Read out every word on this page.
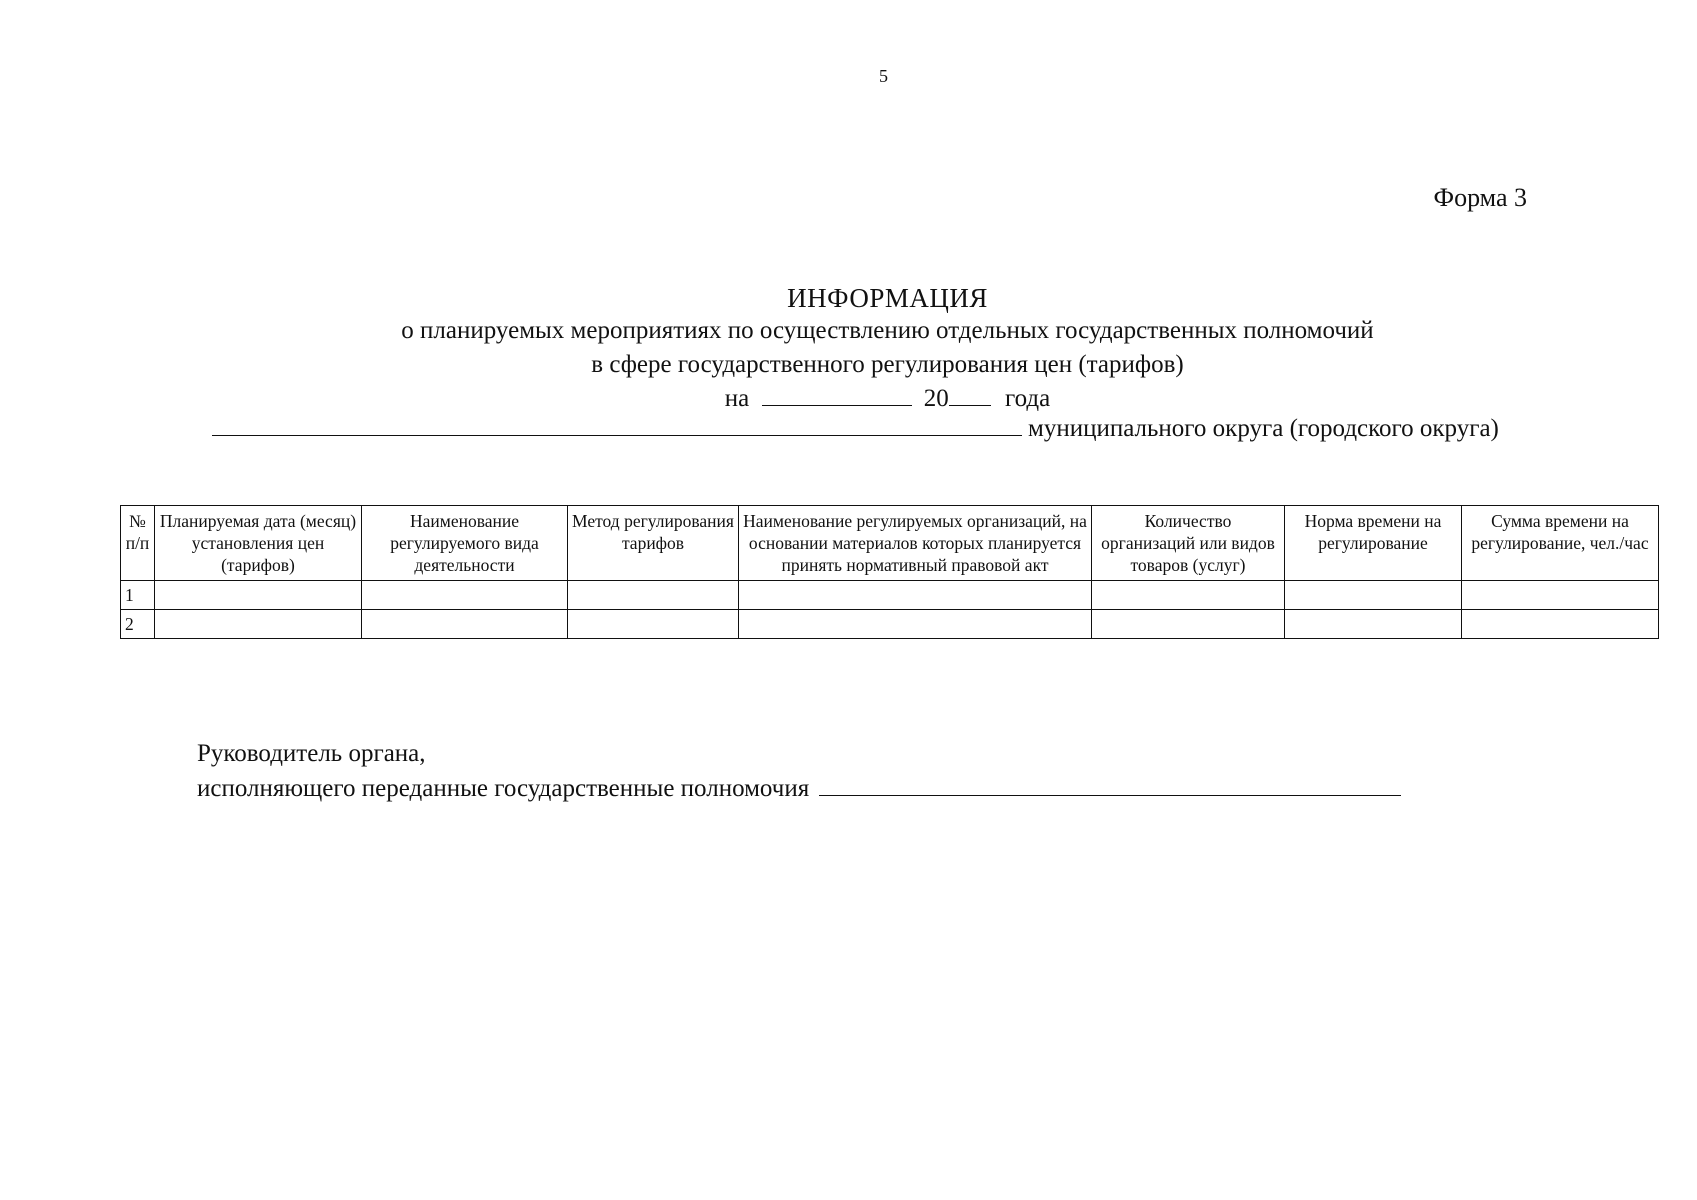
5
Форма 3
ИНФОРМАЦИЯ
о планируемых мероприятиях по осуществлению отдельных государственных полномочий
в сфере государственного регулирования цен (тарифов)
на	20 года
муниципального округа (городского округа)
№ п/п	Планируемая дата (месяц) установления цен (тарифов)	Наименование регулируемого вида деятельности	Метод регулирования тарифов	Наименование регулируемых организаций, на основании материалов которых планируется принять нормативный правовой акт	Количество организаций или видов товаров (услуг)	Норма времени на регулирование	Сумма времени на регулирование, чел./час
1							
2							
Руководитель органа,
исполняющего переданные государственные полномочия
